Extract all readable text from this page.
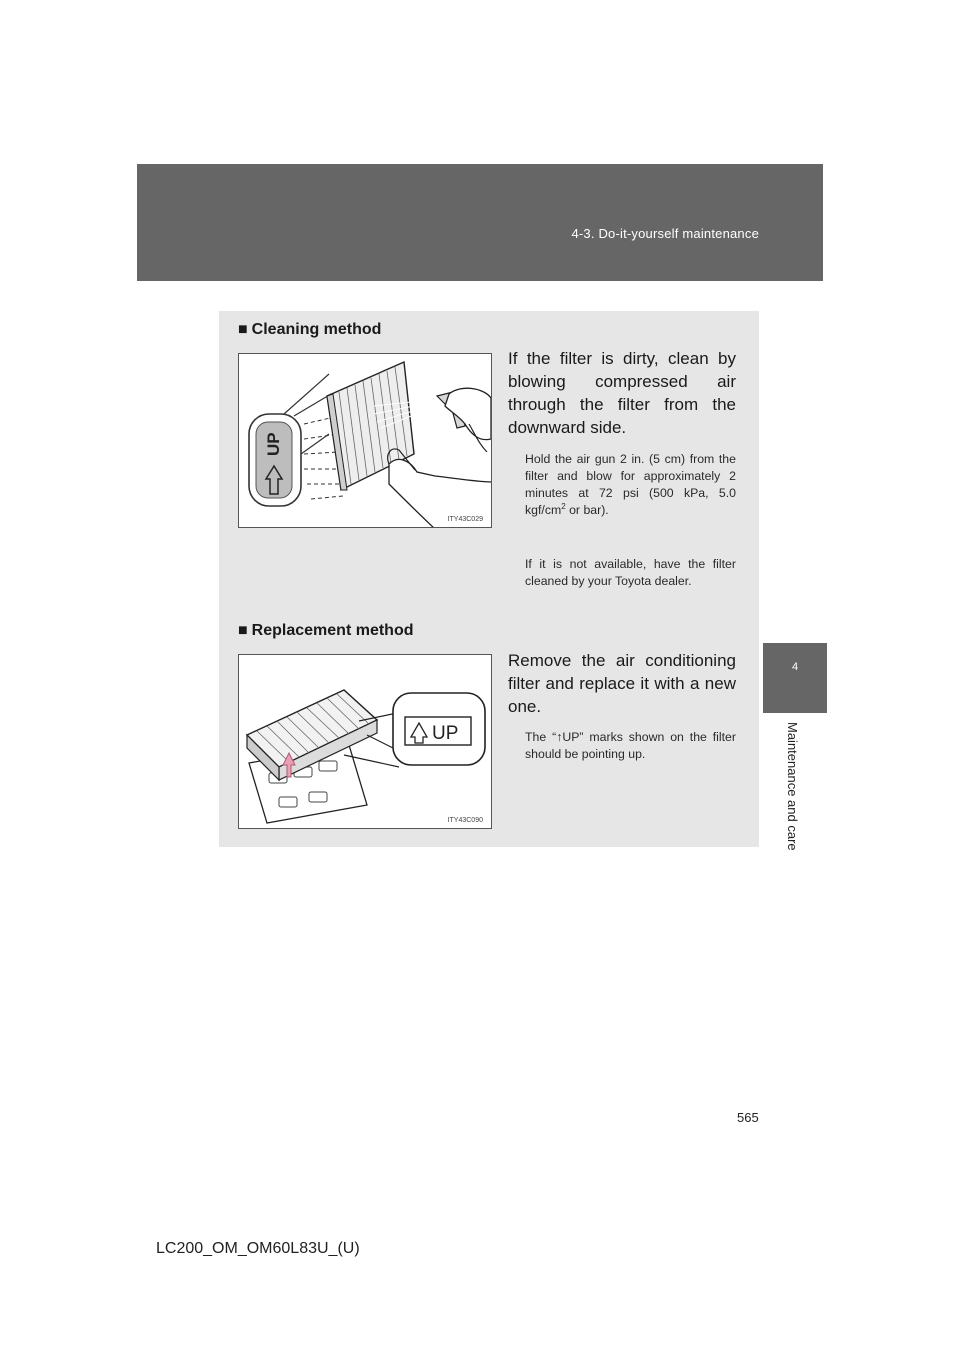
4-3. Do-it-yourself maintenance
4
Maintenance and care
■ Cleaning method
UP
ITY43C029
If the filter is dirty, clean by blowing compressed air through the filter from the downward side.
Hold the air gun 2 in. (5 cm) from the filter and blow for approximately 2 minutes at 72 psi (500 kPa, 5.0 kgf/$cm^2$ or bar).
If it is not available, have the filter cleaned by your Toyota dealer.
■ Replacement method
UP
ITY43C090
Remove the air conditioning filter and replace it with a new one.
The “↑UP” marks shown on the filter should be pointing up.
565
LC200_OM_OM60L83U_(U)
